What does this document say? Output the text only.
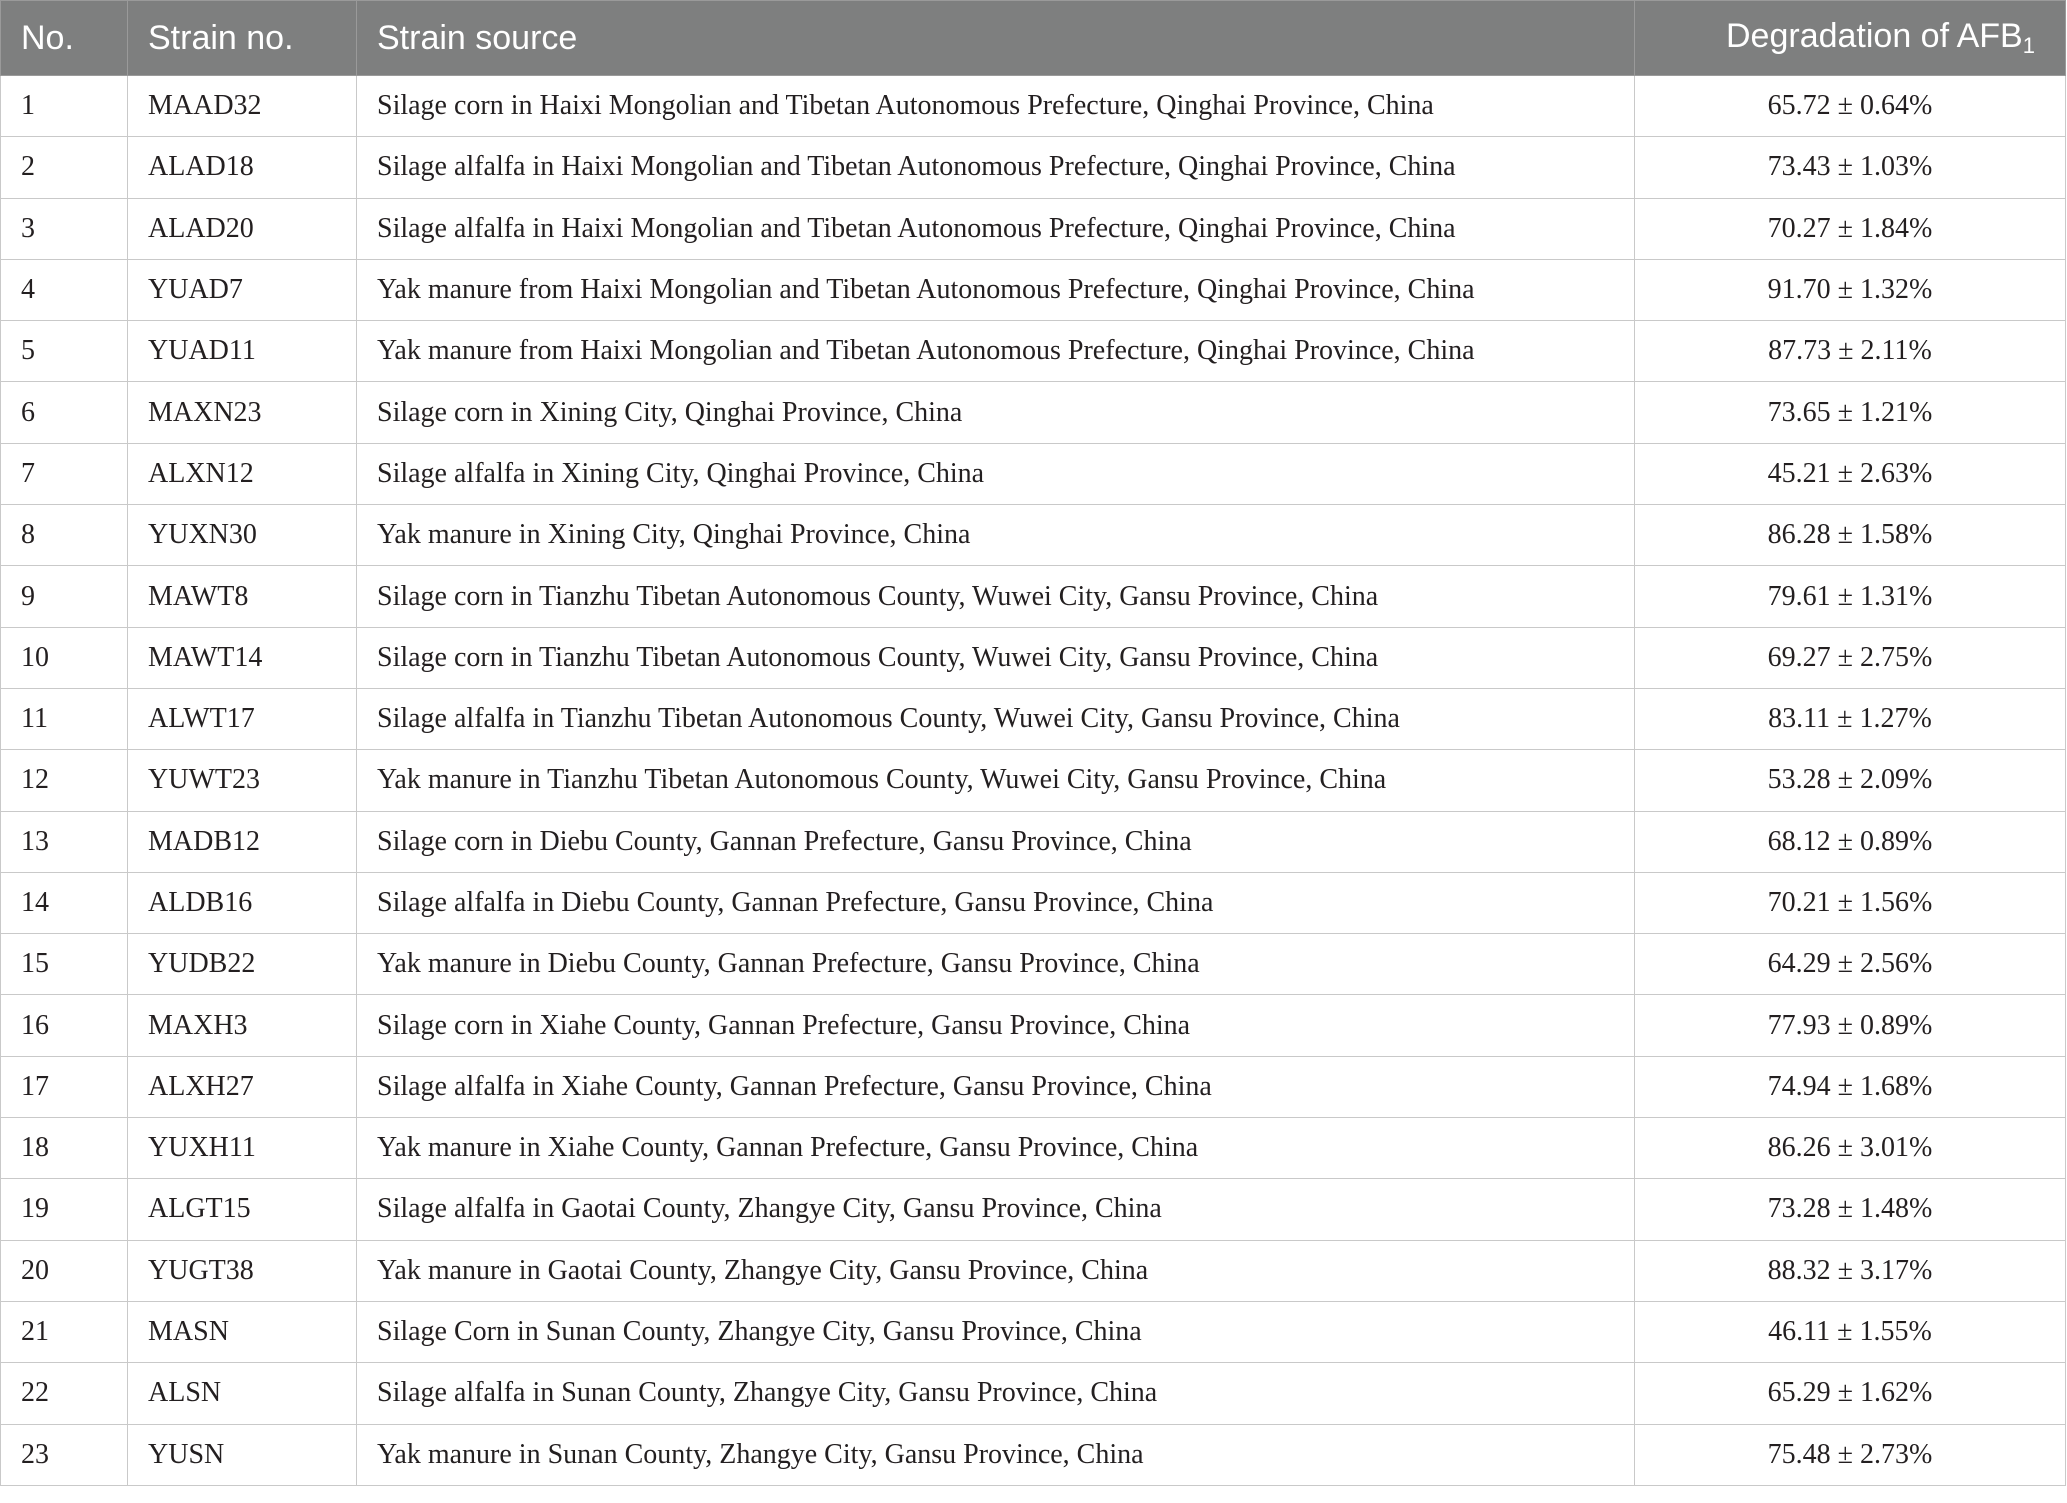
No.	Strain no.	Strain source	Degradation of $AFB_1$
1	MAAD32	Silage corn in Haixi Mongolian and Tibetan Autonomous Prefecture, Qinghai Province, China	65.72 ± 0.64%
2	ALAD18	Silage alfalfa in Haixi Mongolian and Tibetan Autonomous Prefecture, Qinghai Province, China	73.43 ± 1.03%
3	ALAD20	Silage alfalfa in Haixi Mongolian and Tibetan Autonomous Prefecture, Qinghai Province, China	70.27 ± 1.84%
4	YUAD7	Yak manure from Haixi Mongolian and Tibetan Autonomous Prefecture, Qinghai Province, China	91.70 ± 1.32%
5	YUAD11	Yak manure from Haixi Mongolian and Tibetan Autonomous Prefecture, Qinghai Province, China	87.73 ± 2.11%
6	MAXN23	Silage corn in Xining City, Qinghai Province, China	73.65 ± 1.21%
7	ALXN12	Silage alfalfa in Xining City, Qinghai Province, China	45.21 ± 2.63%
8	YUXN30	Yak manure in Xining City, Qinghai Province, China	86.28 ± 1.58%
9	MAWT8	Silage corn in Tianzhu Tibetan Autonomous County, Wuwei City, Gansu Province, China	79.61 ± 1.31%
10	MAWT14	Silage corn in Tianzhu Tibetan Autonomous County, Wuwei City, Gansu Province, China	69.27 ± 2.75%
11	ALWT17	Silage alfalfa in Tianzhu Tibetan Autonomous County, Wuwei City, Gansu Province, China	83.11 ± 1.27%
12	YUWT23	Yak manure in Tianzhu Tibetan Autonomous County, Wuwei City, Gansu Province, China	53.28 ± 2.09%
13	MADB12	Silage corn in Diebu County, Gannan Prefecture, Gansu Province, China	68.12 ± 0.89%
14	ALDB16	Silage alfalfa in Diebu County, Gannan Prefecture, Gansu Province, China	70.21 ± 1.56%
15	YUDB22	Yak manure in Diebu County, Gannan Prefecture, Gansu Province, China	64.29 ± 2.56%
16	MAXH3	Silage corn in Xiahe County, Gannan Prefecture, Gansu Province, China	77.93 ± 0.89%
17	ALXH27	Silage alfalfa in Xiahe County, Gannan Prefecture, Gansu Province, China	74.94 ± 1.68%
18	YUXH11	Yak manure in Xiahe County, Gannan Prefecture, Gansu Province, China	86.26 ± 3.01%
19	ALGT15	Silage alfalfa in Gaotai County, Zhangye City, Gansu Province, China	73.28 ± 1.48%
20	YUGT38	Yak manure in Gaotai County, Zhangye City, Gansu Province, China	88.32 ± 3.17%
21	MASN	Silage Corn in Sunan County, Zhangye City, Gansu Province, China	46.11 ± 1.55%
22	ALSN	Silage alfalfa in Sunan County, Zhangye City, Gansu Province, China	65.29 ± 1.62%
23	YUSN	Yak manure in Sunan County, Zhangye City, Gansu Province, China	75.48 ± 2.73%
